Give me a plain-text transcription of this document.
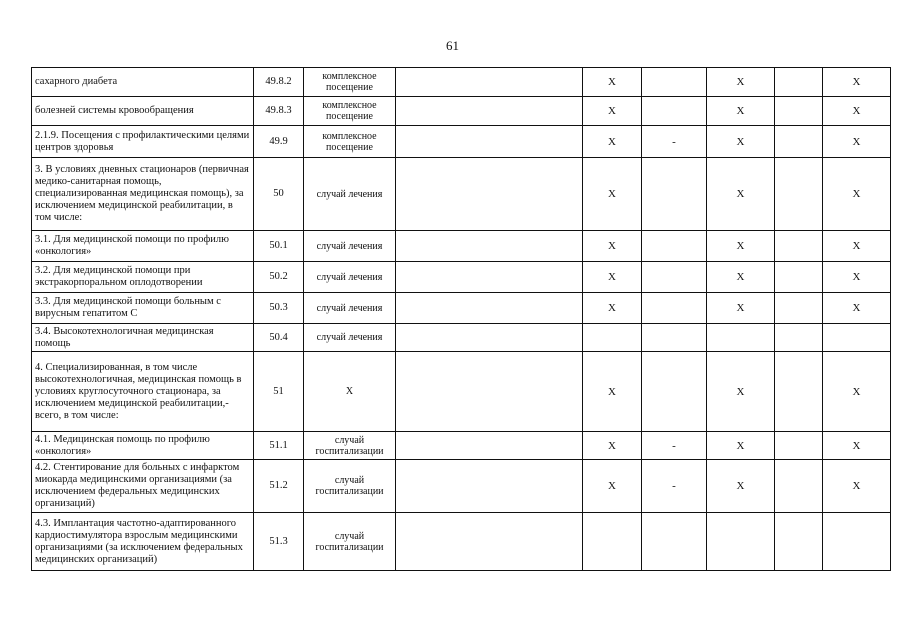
61
сахарного диабета	49.8.2	комплексное посещение		X		X		X
болезней системы кровообращения	49.8.3	комплексное посещение		X		X		X
2.1.9. Посещения с профилактическими целями центров здоровья	49.9	комплексное посещение		X	-	X		X
3. В условиях дневных стационаров (первичная медико-санитарная помощь, специализированная медицинская помощь), за исключением медицинской реабилитации, в том числе:	50	случай лечения		X		X		X
3.1. Для медицинской помощи по профилю «онкология»	50.1	случай лечения		X		X		X
3.2. Для медицинской помощи при экстракорпоральном оплодотворении	50.2	случай лечения		X		X		X
3.3. Для медицинской помощи больным с вирусным гепатитом С	50.3	случай лечения		X		X		X
3.4. Высокотехнологичная медицинская помощь	50.4	случай лечения						
4. Специализированная, в том числе высокотехнологичная, медицинская помощь в условиях круглосуточного стационара, за исключением медицинской реабилитации,- всего, в том числе:	51	X		X		X		X
4.1. Медицинская помощь по профилю «онкология»	51.1	случай госпитализации		X	-	X		X
4.2. Стентирование для больных с инфарктом миокарда медицинскими организациями (за исключением федеральных медицинских организаций)	51.2	случай госпитализации		X	-	X		X
4.3. Имплантация частотно-адаптированного кардиостимулятора взрослым медицинскими организациями (за исключением федеральных медицинских организаций)	51.3	случай госпитализации						
